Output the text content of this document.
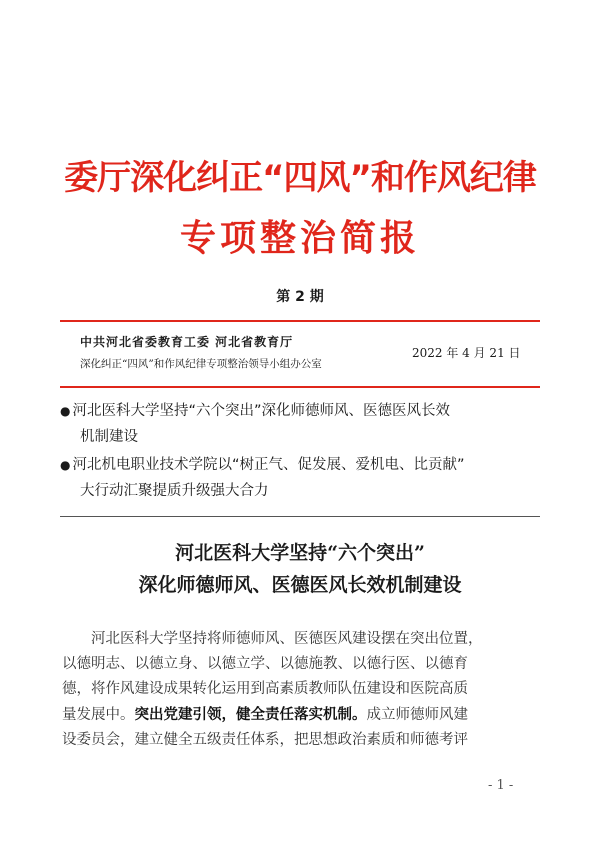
委厅深化纠正“四风”和作风纪律
专项整治简报
第 2 期
中共河北省委教育工委 河北省教育厅
深化纠正“四风”和作风纪律专项整治领导小组办公室
2022 年 4 月 21 日
● 河北医科大学坚持“六个突出”深化师德师风、医德医风长效
机制建设
● 河北机电职业技术学院以“树正气、促发展、爱机电、比贡献”
大行动汇聚提质升级强大合力
河北医科大学坚持“六个突出”
深化师德师风、医德医风长效机制建设
河北医科大学坚持将师德师风、医德医风建设摆在突出位置，
以德明志、以德立身、以德立学、以德施教、以德行医、以德育
德，将作风建设成果转化运用到高素质教师队伍建设和医院高质
量发展中。突出党建引领，健全责任落实机制。成立师德师风建
设委员会，建立健全五级责任体系，把思想政治素质和师德考评
- 1 -
